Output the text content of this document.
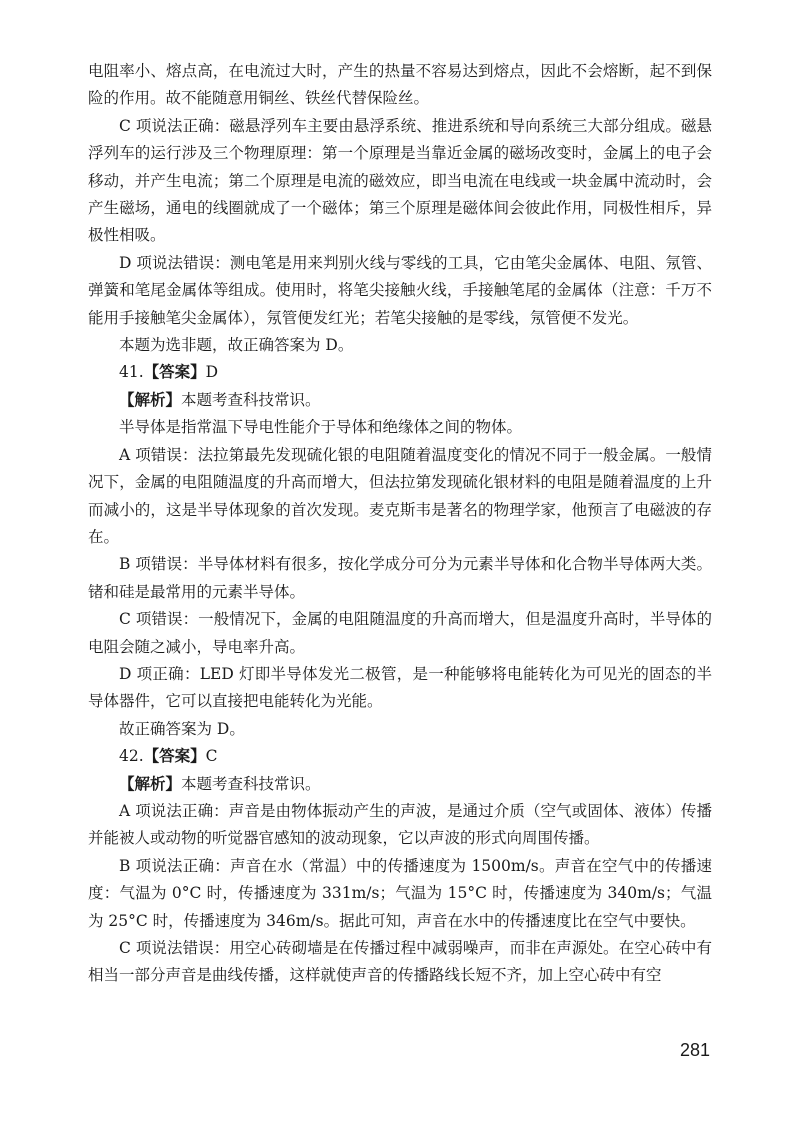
电阻率小、熔点高，在电流过大时，产生的热量不容易达到熔点，因此不会熔断，起不到保险的作用。故不能随意用铜丝、铁丝代替保险丝。

C 项说法正确：磁悬浮列车主要由悬浮系统、推进系统和导向系统三大部分组成。磁悬浮列车的运行涉及三个物理原理：第一个原理是当靠近金属的磁场改变时，金属上的电子会移动，并产生电流；第二个原理是电流的磁效应，即当电流在电线或一块金属中流动时，会产生磁场，通电的线圈就成了一个磁体；第三个原理是磁体间会彼此作用，同极性相斥，异极性相吸。

D 项说法错误：测电笔是用来判别火线与零线的工具，它由笔尖金属体、电阻、氖管、弹簧和笔尾金属体等组成。使用时，将笔尖接触火线，手接触笔尾的金属体（注意：千万不能用手接触笔尖金属体），氖管便发红光；若笔尖接触的是零线，氖管便不发光。

本题为选非题，故正确答案为 D。

41.【答案】D

【解析】本题考查科技常识。

半导体是指常温下导电性能介于导体和绝缘体之间的物体。

A 项错误：法拉第最先发现硫化银的电阻随着温度变化的情况不同于一般金属。一般情况下，金属的电阻随温度的升高而增大，但法拉第发现硫化银材料的电阻是随着温度的上升而减小的，这是半导体现象的首次发现。麦克斯韦是著名的物理学家，他预言了电磁波的存在。

B 项错误：半导体材料有很多，按化学成分可分为元素半导体和化合物半导体两大类。锗和硅是最常用的元素半导体。

C 项错误：一般情况下，金属的电阻随温度的升高而增大，但是温度升高时，半导体的电阻会随之减小，导电率升高。

D 项正确：LED 灯即半导体发光二极管，是一种能够将电能转化为可见光的固态的半导体器件，它可以直接把电能转化为光能。

故正确答案为 D。

42.【答案】C

【解析】本题考查科技常识。

A 项说法正确：声音是由物体振动产生的声波，是通过介质（空气或固体、液体）传播并能被人或动物的听觉器官感知的波动现象，它以声波的形式向周围传播。

B 项说法正确：声音在水（常温）中的传播速度为 1500m/s。声音在空气中的传播速度：气温为 0°C 时，传播速度为 331m/s；气温为 15°C 时，传播速度为 340m/s；气温为 25°C 时，传播速度为 346m/s。据此可知，声音在水中的传播速度比在空气中要快。

C 项说法错误：用空心砖砌墙是在传播过程中减弱噪声，而非在声源处。在空心砖中有相当一部分声音是曲线传播，这样就使声音的传播路线长短不齐，加上空心砖中有空

281
